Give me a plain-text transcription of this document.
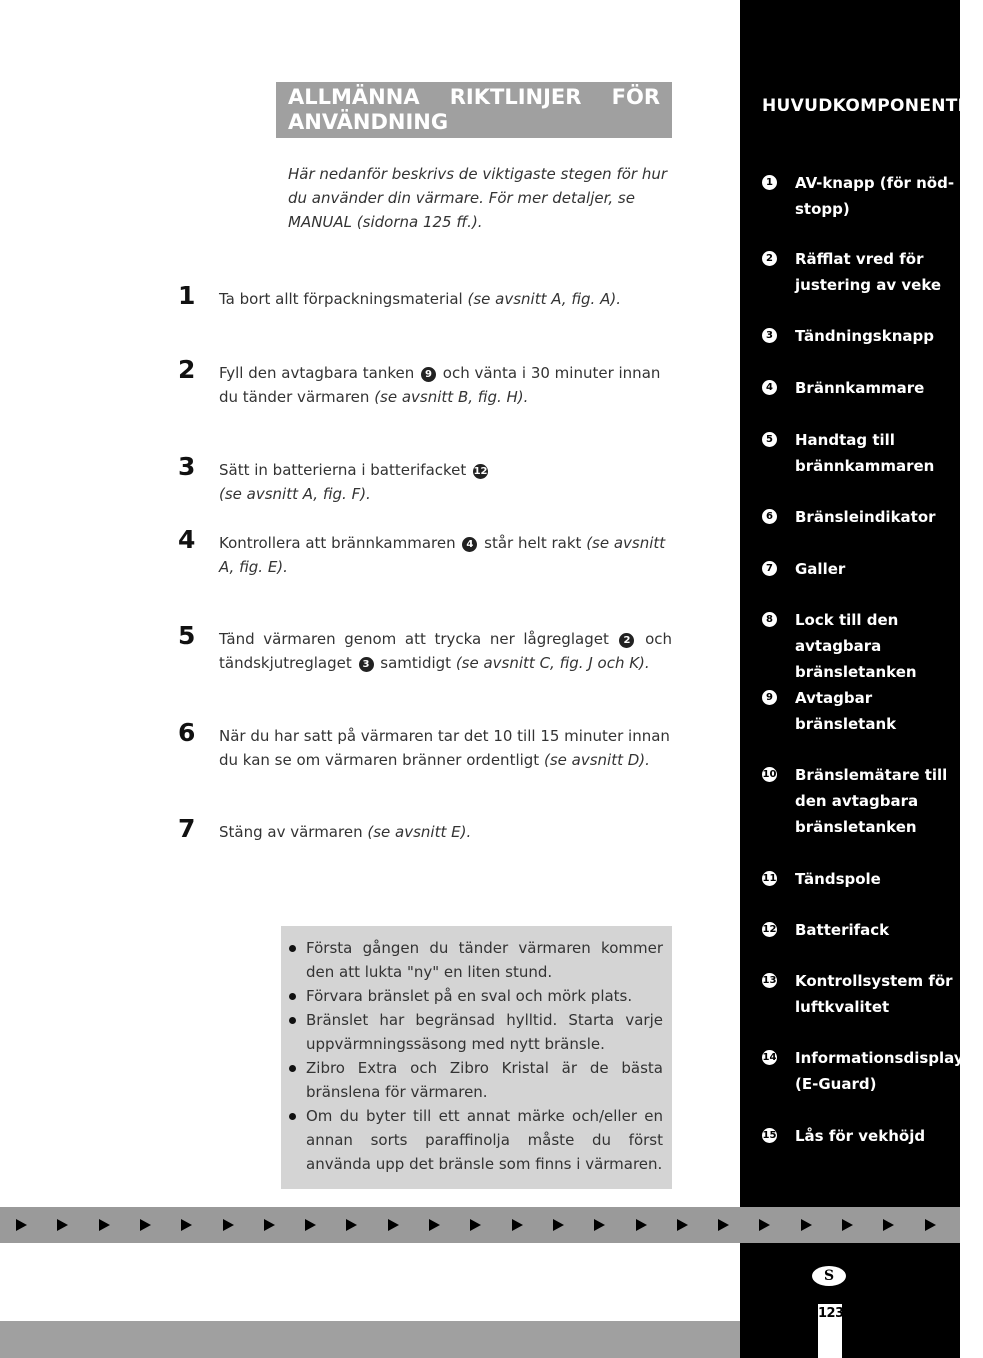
HUVUDKOMPONENTER
1 AV-knapp (för nöd-stopp)
2 Räfflat vred för justering av veke
3 Tändningsknapp
4 Brännkammare
5 Handtag till brännkammaren
6 Bränsleindikator
7 Galler
8 Lock till den avtagbara bränsletanken
9 Avtagbar bränsletank
10 Bränslemätare till den avtagbara bränsletanken
11 Tändspole
12 Batterifack
13 Kontrollsystem för luftkvalitet
14 Informationsdisplay (E-Guard)
15 Lås för vekhöjd
ALLMÄNNA RIKTLINJER FÖR ANVÄNDNING
Här nedanför beskrivs de viktigaste stegen för hur du använder din värmare. För mer detaljer, se MANUAL (sidorna 125 ff.).
1 Ta bort allt förpackningsmaterial (se avsnitt A, fig. A).
2 Fyll den avtagbara tanken 9 och vänta i 30 minuter innan du tänder värmaren (se avsnitt B, fig. H).
3 Sätt in batterierna i batterifacket 12
(se avsnitt A, fig. F).
4 Kontrollera att brännkammaren 4 står helt rakt (se avsnitt A, fig. E).
5 Tänd värmaren genom att trycka ner lågreglaget 2 och tändskjutreglaget 3 samtidigt (se avsnitt C, fig. J och K).
6 När du har satt på värmaren tar det 10 till 15 minuter innan du kan se om värmaren bränner ordentligt (se avsnitt D).
7 Stäng av värmaren (se avsnitt E).
Första gången du tänder värmaren kommer den att lukta "ny" en liten stund.
Förvara bränslet på en sval och mörk plats.
Bränslet har begränsad hylltid. Starta varje uppvärmningssäsong med nytt bränsle.
Zibro Extra och Zibro Kristal är de bästa bränslena för värmaren.
Om du byter till ett annat märke och/eller en annan sorts paraffinolja måste du först använda upp det bränsle som finns i värmaren.
S
123
